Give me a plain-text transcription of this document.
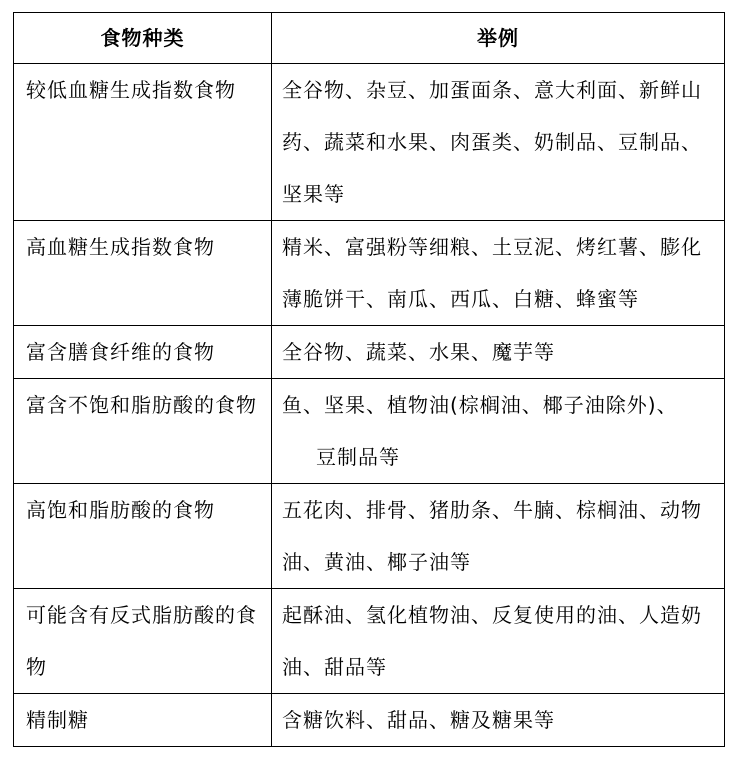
食物种类	举例
较低血糖生成指数食物	全谷物、杂豆、加蛋面条、意大利面、新鲜山药、蔬菜和水果、肉蛋类、奶制品、豆制品、坚果等
高血糖生成指数食物	精米、富强粉等细粮、土豆泥、烤红薯、膨化薄脆饼干、南瓜、西瓜、白糖、蜂蜜等
富含膳食纤维的食物	全谷物、蔬菜、水果、魔芋等
富含不饱和脂肪酸的食物	鱼、坚果、植物油(棕榈油、椰子油除外)、
豆制品等
高饱和脂肪酸的食物	五花肉、排骨、猪肋条、牛腩、棕榈油、动物油、黄油、椰子油等
可能含有反式脂肪酸的食物	起酥油、氢化植物油、反复使用的油、人造奶油、甜品等
精制糖	含糖饮料、甜品、糖及糖果等
